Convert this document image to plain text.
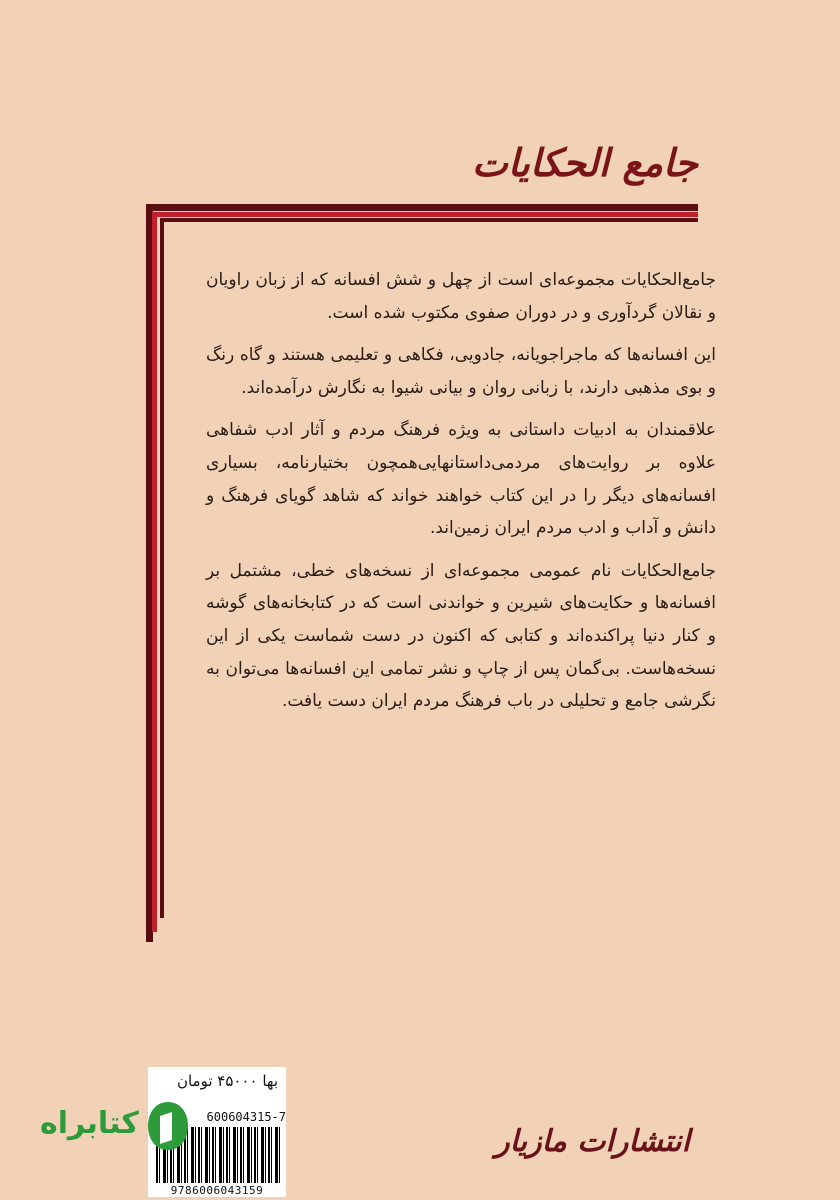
جامع الحکایات

جامع‌الحکایات مجموعه‌ای است از چهل و شش افسانه که از زبان راویان و نقالان گردآوری و در دوران صفوی مکتوب شده است.

این افسانه‌ها که ماجراجویانه، جادویی، فکاهی و تعلیمی هستند و گاه رنگ و بوی مذهبی دارند، با زبانی روان و بیانی شیوا به نگارش درآمده‌اند.

علاقمندان به ادبیات داستانی به ویژه فرهنگ مردم و آثار ادب شفاهی علاوه بر روایت‌های مردمی‌داستانهایی‌همچون بختیارنامه، بسیاری افسانه‌های دیگر را در این کتاب خواهند خواند که شاهد گویای فرهنگ و دانش و آداب و ادب مردم ایران زمین‌اند.

جامع‌الحکایات نام عمومی مجموعه‌ای از نسخه‌های خطی، مشتمل بر افسانه‌ها و حکایت‌های شیرین و خواندنی است که در کتابخانه‌های گوشه و کنار دنیا پراکنده‌اند و کتابی که اکنون در دست شماست یکی از این نسخه‌هاست. بی‌گمان پس از چاپ و نشر تمامی این افسانه‌ها می‌توان به نگرشی جامع و تحلیلی در باب فرهنگ مردم ایران دست یافت.

بها ۴۵۰۰۰ تومان
600604315-7
9786006043159
کتابراه
انتشارات مازیار
